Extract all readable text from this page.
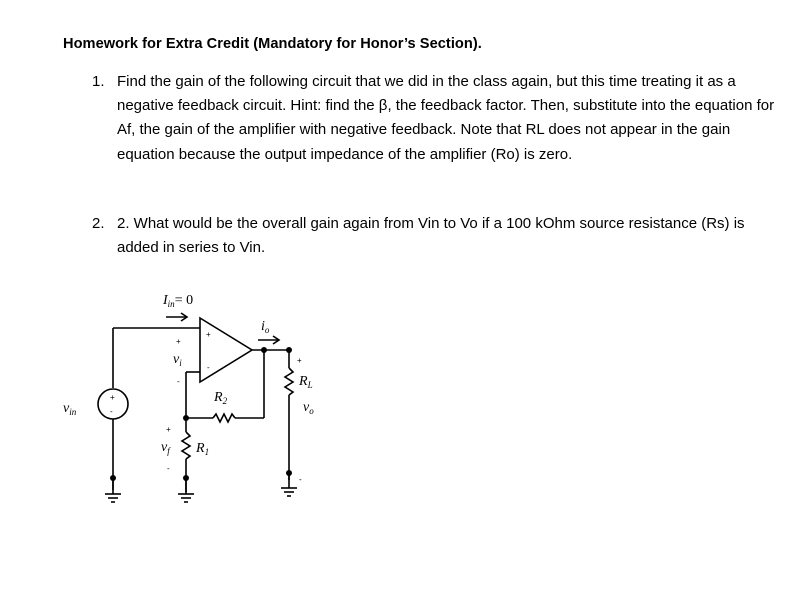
Homework for Extra Credit (Mandatory for Honor’s Section).
1. Find the gain of the following circuit that we did in the class again, but this time treating it as a negative feedback circuit. Hint: find the β, the feedback factor. Then, substitute into the equation for Af, the gain of the amplifier with negative feedback. Note that RL does not appear in the gain equation because the output impedance of the amplifier (Ro) is zero.
2. 2. What would be the overall gain again from Vin to Vo if a 100 kOhm source resistance (Rs) is added in series to Vin.
$I_{in}= 0$
$v_i$
$v_{in}$
$v_f$ $R_1$
$R_2$
$R_L$
$v_o$
$i_o$
+
-
+
-
+
-
+
-
+
-
